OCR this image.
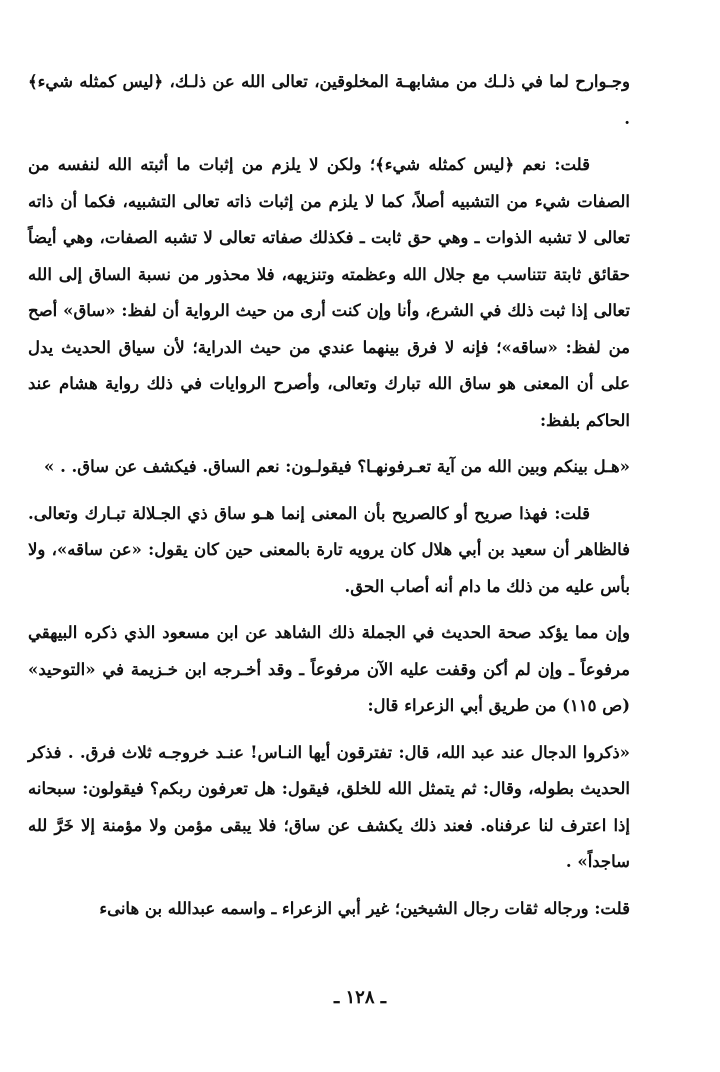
وجـوارح لما في ذلـك من مشابهـة المخلوقين، تعالى الله عن ذلـك، ﴿ليس كمثله شيء﴾ .

قلت: نعم ﴿ليس كمثله شيء﴾؛ ولكن لا يلزم من إثبات ما أثبته الله لنفسه من الصفات شيء من التشبيه أصلاً، كما لا يلزم من إثبات ذاته تعالى التشبيه، فكما أن ذاته تعالى لا تشبه الذوات ـ وهي حق ثابت ـ فكذلك صفاته تعالى لا تشبه الصفات، وهي أيضاً حقائق ثابتة تتناسب مع جلال الله وعظمته وتنزيهه، فلا محذور من نسبة الساق إلى الله تعالى إذا ثبت ذلك في الشرع، وأنا وإن كنت أرى من حيث الرواية أن لفظ: «ساق» أصح من لفظ: «ساقه»؛ فإنه لا فرق بينهما عندي من حيث الدراية؛ لأن سياق الحديث يدل على أن المعنى هو ساق الله تبارك وتعالى، وأصرح الروايات في ذلك رواية هشام عند الحاكم بلفظ:

«هـل بينكم وبين الله من آية تعـرفونهـا؟ فيقولـون: نعم الساق. فيكشف عن ساق. . »

قلت: فهذا صريح أو كالصريح بأن المعنى إنما هـو ساق ذي الجـلالة تبـارك وتعالى. فالظاهر أن سعيد بن أبي هلال كان يرويه تارة بالمعنى حين كان يقول: «عن ساقه»، ولا بأس عليه من ذلك ما دام أنه أصاب الحق.

وإن مما يؤكد صحة الحديث في الجملة ذلك الشاهد عن ابن مسعود الذي ذكره البيهقي مرفوعاً ـ وإن لم أكن وقفت عليه الآن مرفوعاً ـ وقد أخـرجه ابن خـزيمة في «التوحيد» (ص ١١٥) من طريق أبي الزعراء قال:

«ذكروا الدجال عند عبد الله، قال: تفترقون أيها النـاس! عنـد خروجـه ثلاث فرق. . فذكر الحديث بطوله، وقال: ثم يتمثل الله للخلق، فيقول: هل تعرفون ربكم؟ فيقولون: سبحانه إذا اعترف لنا عرفناه. فعند ذلك يكشف عن ساق؛ فلا يبقى مؤمن ولا مؤمنة إلا خَرَّ لله ساجداً» .

قلت: ورجاله ثقات رجال الشيخين؛ غير أبي الزعراء ـ واسمه عبدالله بن هانىء

ـ ١٢٨ ـ
